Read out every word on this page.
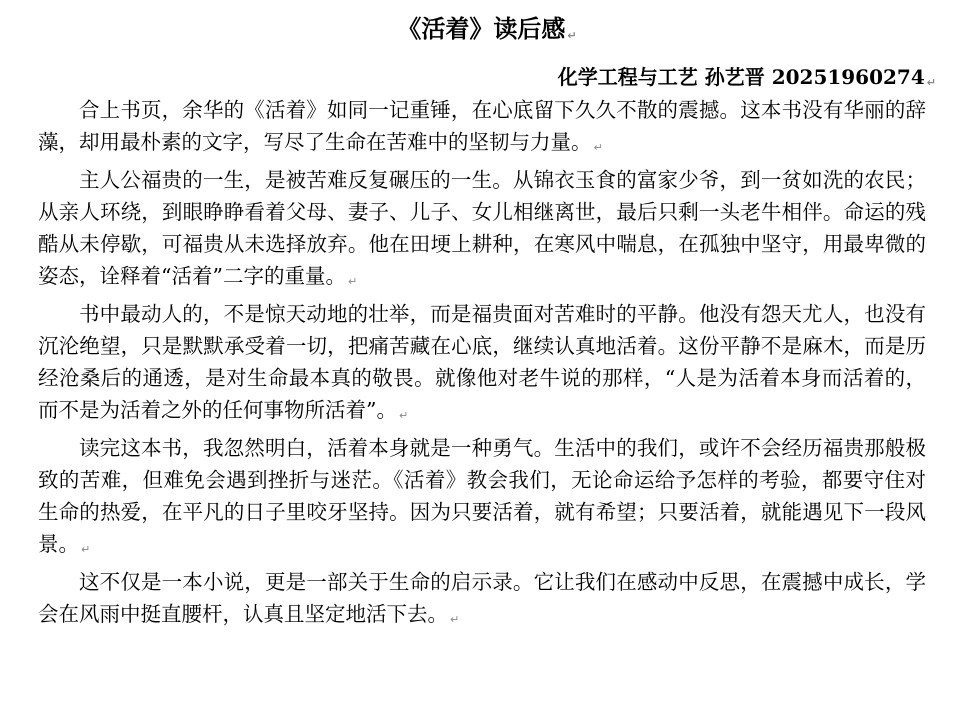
《活着》读后感 ↵
化学工程与工艺 孙艺晋 20251960274 ↵

合上书页，余华的《活着》如同一记重锤，在心底留下久久不散的震撼。这本书没有华丽的辞藻，却用最朴素的文字，写尽了生命在苦难中的坚韧与力量。 ↵

主人公福贵的一生，是被苦难反复碾压的一生。从锦衣玉食的富家少爷，到一贫如洗的农民；从亲人环绕，到眼睁睁看着父母、妻子、儿子、女儿相继离世，最后只剩一头老牛相伴。命运的残酷从未停歇，可福贵从未选择放弃。他在田埂上耕种，在寒风中喘息，在孤独中坚守，用最卑微的姿态，诠释着“活着”二字的重量。 ↵

书中最动人的，不是惊天动地的壮举，而是福贵面对苦难时的平静。他没有怨天尤人，也没有沉沦绝望，只是默默承受着一切，把痛苦藏在心底，继续认真地活着。这份平静不是麻木，而是历经沧桑后的通透，是对生命最本真的敬畏。就像他对老牛说的那样，“人是为活着本身而活着的，而不是为活着之外的任何事物所活着”。 ↵

读完这本书，我忽然明白，活着本身就是一种勇气。生活中的我们，或许不会经历福贵那般极致的苦难，但难免会遇到挫折与迷茫。《活着》教会我们，无论命运给予怎样的考验，都要守住对生命的热爱，在平凡的日子里咬牙坚持。因为只要活着，就有希望；只要活着，就能遇见下一段风景。 ↵

这不仅是一本小说，更是一部关于生命的启示录。它让我们在感动中反思，在震撼中成长，学会在风雨中挺直腰杆，认真且坚定地活下去。 ↵
